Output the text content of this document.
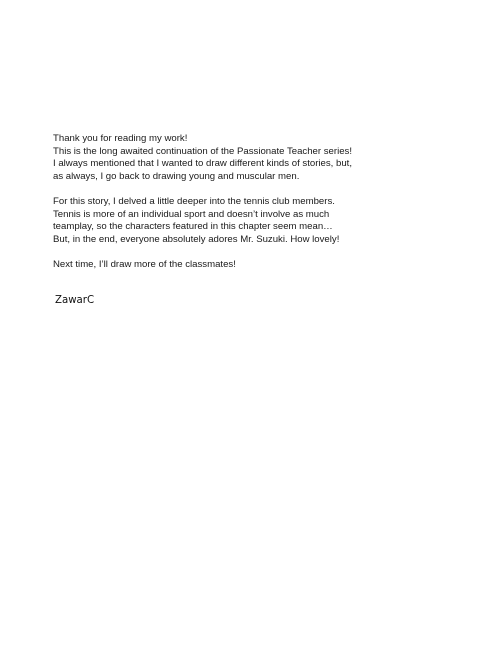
Thank you for reading my work!
This is the long awaited continuation of the Passionate Teacher series!
I always mentioned that I wanted to draw different kinds of stories, but,
as always, I go back to drawing young and muscular men.

For this story, I delved a little deeper into the tennis club members.
Tennis is more of an individual sport and doesn’t involve as much
teamplay, so the characters featured in this chapter seem mean…
But, in the end, everyone absolutely adores Mr. Suzuki. How lovely!

Next time, I’ll draw more of the classmates!

ZawarC
